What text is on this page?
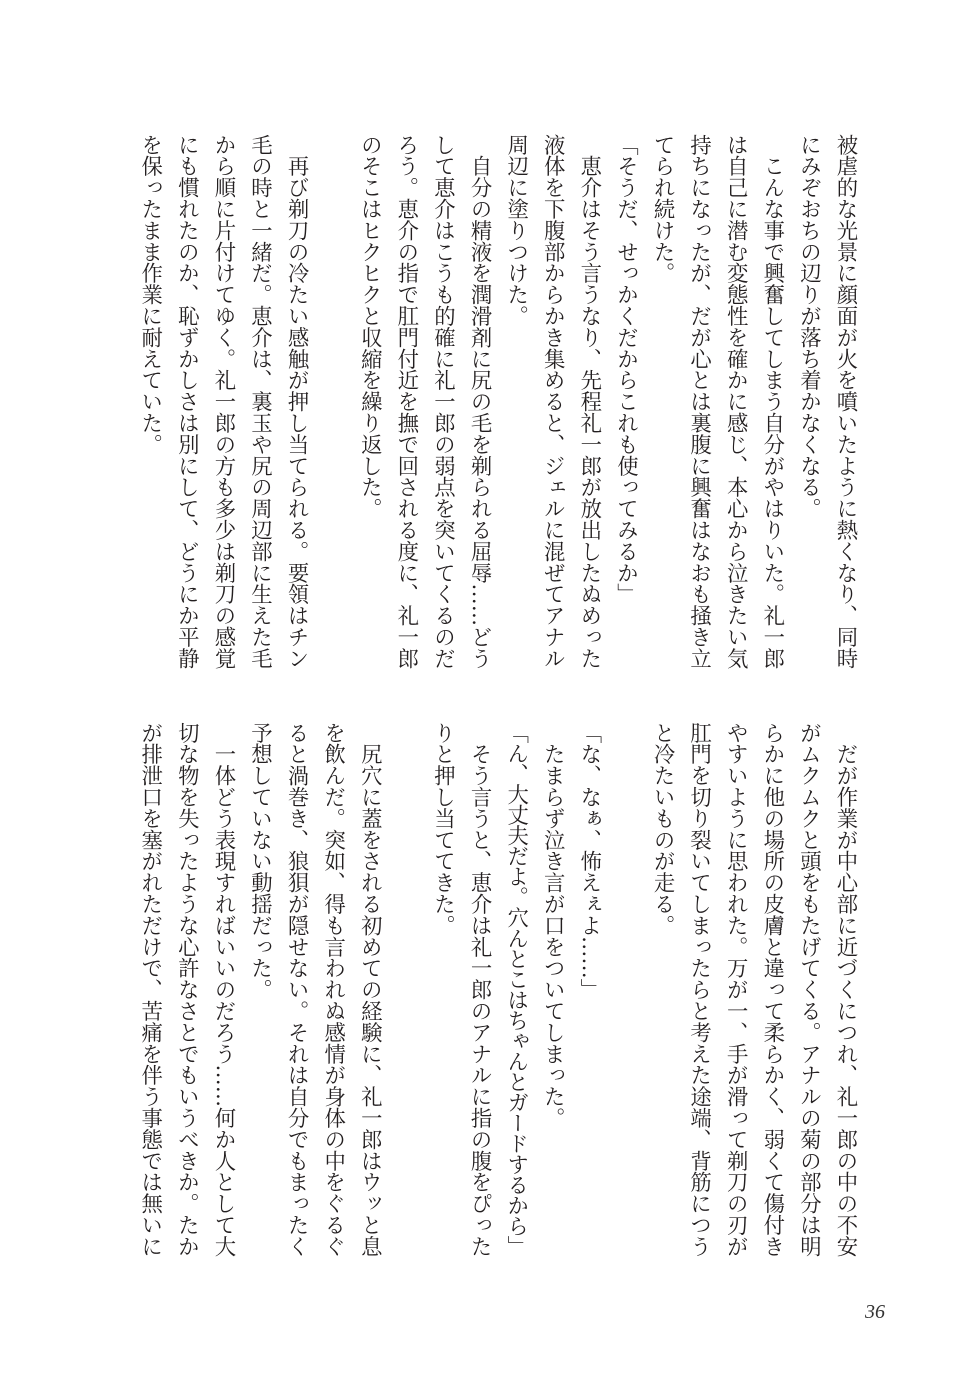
被虐的な光景に顔面が火を噴いたように熱くなり、同時
にみぞおちの辺りが落ち着かなくなる。
　こんな事で興奮してしまう自分がやはりいた。礼一郎
は自己に潜む変態性を確かに感じ、本心から泣きたい気
持ちになったが、だが心とは裏腹に興奮はなおも掻き立
てられ続けた。
「そうだ、せっかくだからこれも使ってみるか」
　恵介はそう言うなり、先程礼一郎が放出したぬめった
液体を下腹部からかき集めると、ジェルに混ぜてアナル
周辺に塗りつけた。
　自分の精液を潤滑剤に尻の毛を剃られる屈辱……どう
して恵介はこうも的確に礼一郎の弱点を突いてくるのだ
ろう。恵介の指で肛門付近を撫で回される度に、礼一郎
のそこはヒクヒクと収縮を繰り返した。
　再び剃刀の冷たい感触が押し当てられる。要領はチン
毛の時と一緒だ。恵介は、裏玉や尻の周辺部に生えた毛
から順に片付けてゆく。礼一郎の方も多少は剃刀の感覚
にも慣れたのか、恥ずかしさは別にして、どうにか平静
を保ったまま作業に耐えていた。
　だが作業が中心部に近づくにつれ、礼一郎の中の不安
がムクムクと頭をもたげてくる。アナルの菊の部分は明
らかに他の場所の皮膚と違って柔らかく、弱くて傷付き
やすいように思われた。万が一、手が滑って剃刀の刃が
肛門を切り裂いてしまったらと考えた途端、背筋につう
と冷たいものが走る。
「な、なぁ、怖えぇよ……」
　たまらず泣き言が口をついてしまった。
「ん、大丈夫だよ。穴んとこはちゃんとガードするから」
　そう言うと、恵介は礼一郎のアナルに指の腹をぴった
りと押し当ててきた。
　尻穴に蓋をされる初めての経験に、礼一郎はウッと息
を飲んだ。突如、得も言われぬ感情が身体の中をぐるぐ
ると渦巻き、狼狽が隠せない。それは自分でもまったく
予想していない動揺だった。
　一体どう表現すればいいのだろう……何か人として大
切な物を失ったような心許なさとでもいうべきか。たか
が排泄口を塞がれただけで、苦痛を伴う事態では無いに
36
